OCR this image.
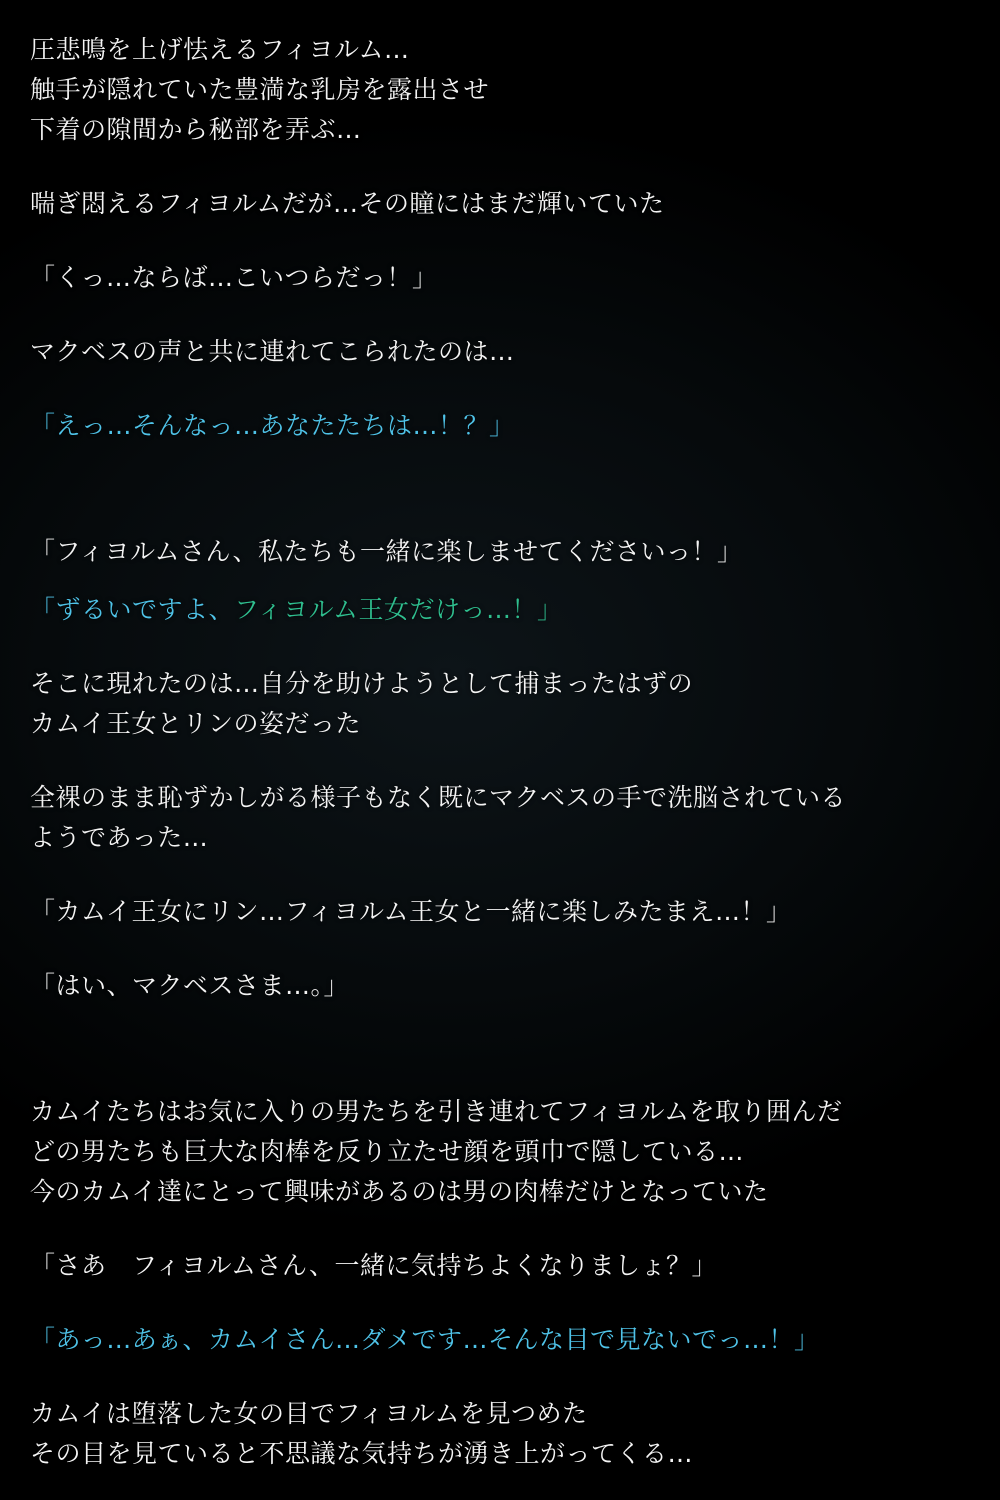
圧悲鳴を上げ怯えるフィヨルム…
触手が隠れていた豊満な乳房を露出させ
下着の隙間から秘部を弄ぶ…
喘ぎ悶えるフィヨルムだが…その瞳にはまだ輝いていた
「くっ…ならば…こいつらだっ！」
マクベスの声と共に連れてこられたのは…
「えっ…そんなっ…あなたたちは…！？」
「フィヨルムさん、私たちも一緒に楽しませてくださいっ！」
「ずるいですよ、フィヨルム王女だけっ…！」
そこに現れたのは…自分を助けようとして捕まったはずの
カムイ王女とリンの姿だった
全裸のまま恥ずかしがる様子もなく既にマクベスの手で洗脳されている
ようであった…
「カムイ王女にリン…フィヨルム王女と一緒に楽しみたまえ…！」
「はい、マクベスさま…。」
カムイたちはお気に入りの男たちを引き連れてフィヨルムを取り囲んだ
どの男たちも巨大な肉棒を反り立たせ顔を頭巾で隠している…
今のカムイ達にとって興味があるのは男の肉棒だけとなっていた
「さあ　フィヨルムさん、一緒に気持ちよくなりましょ？」
「あっ…あぁ、カムイさん…ダメです…そんな目で見ないでっ…！」
カムイは堕落した女の目でフィヨルムを見つめた
その目を見ていると不思議な気持ちが湧き上がってくる…
